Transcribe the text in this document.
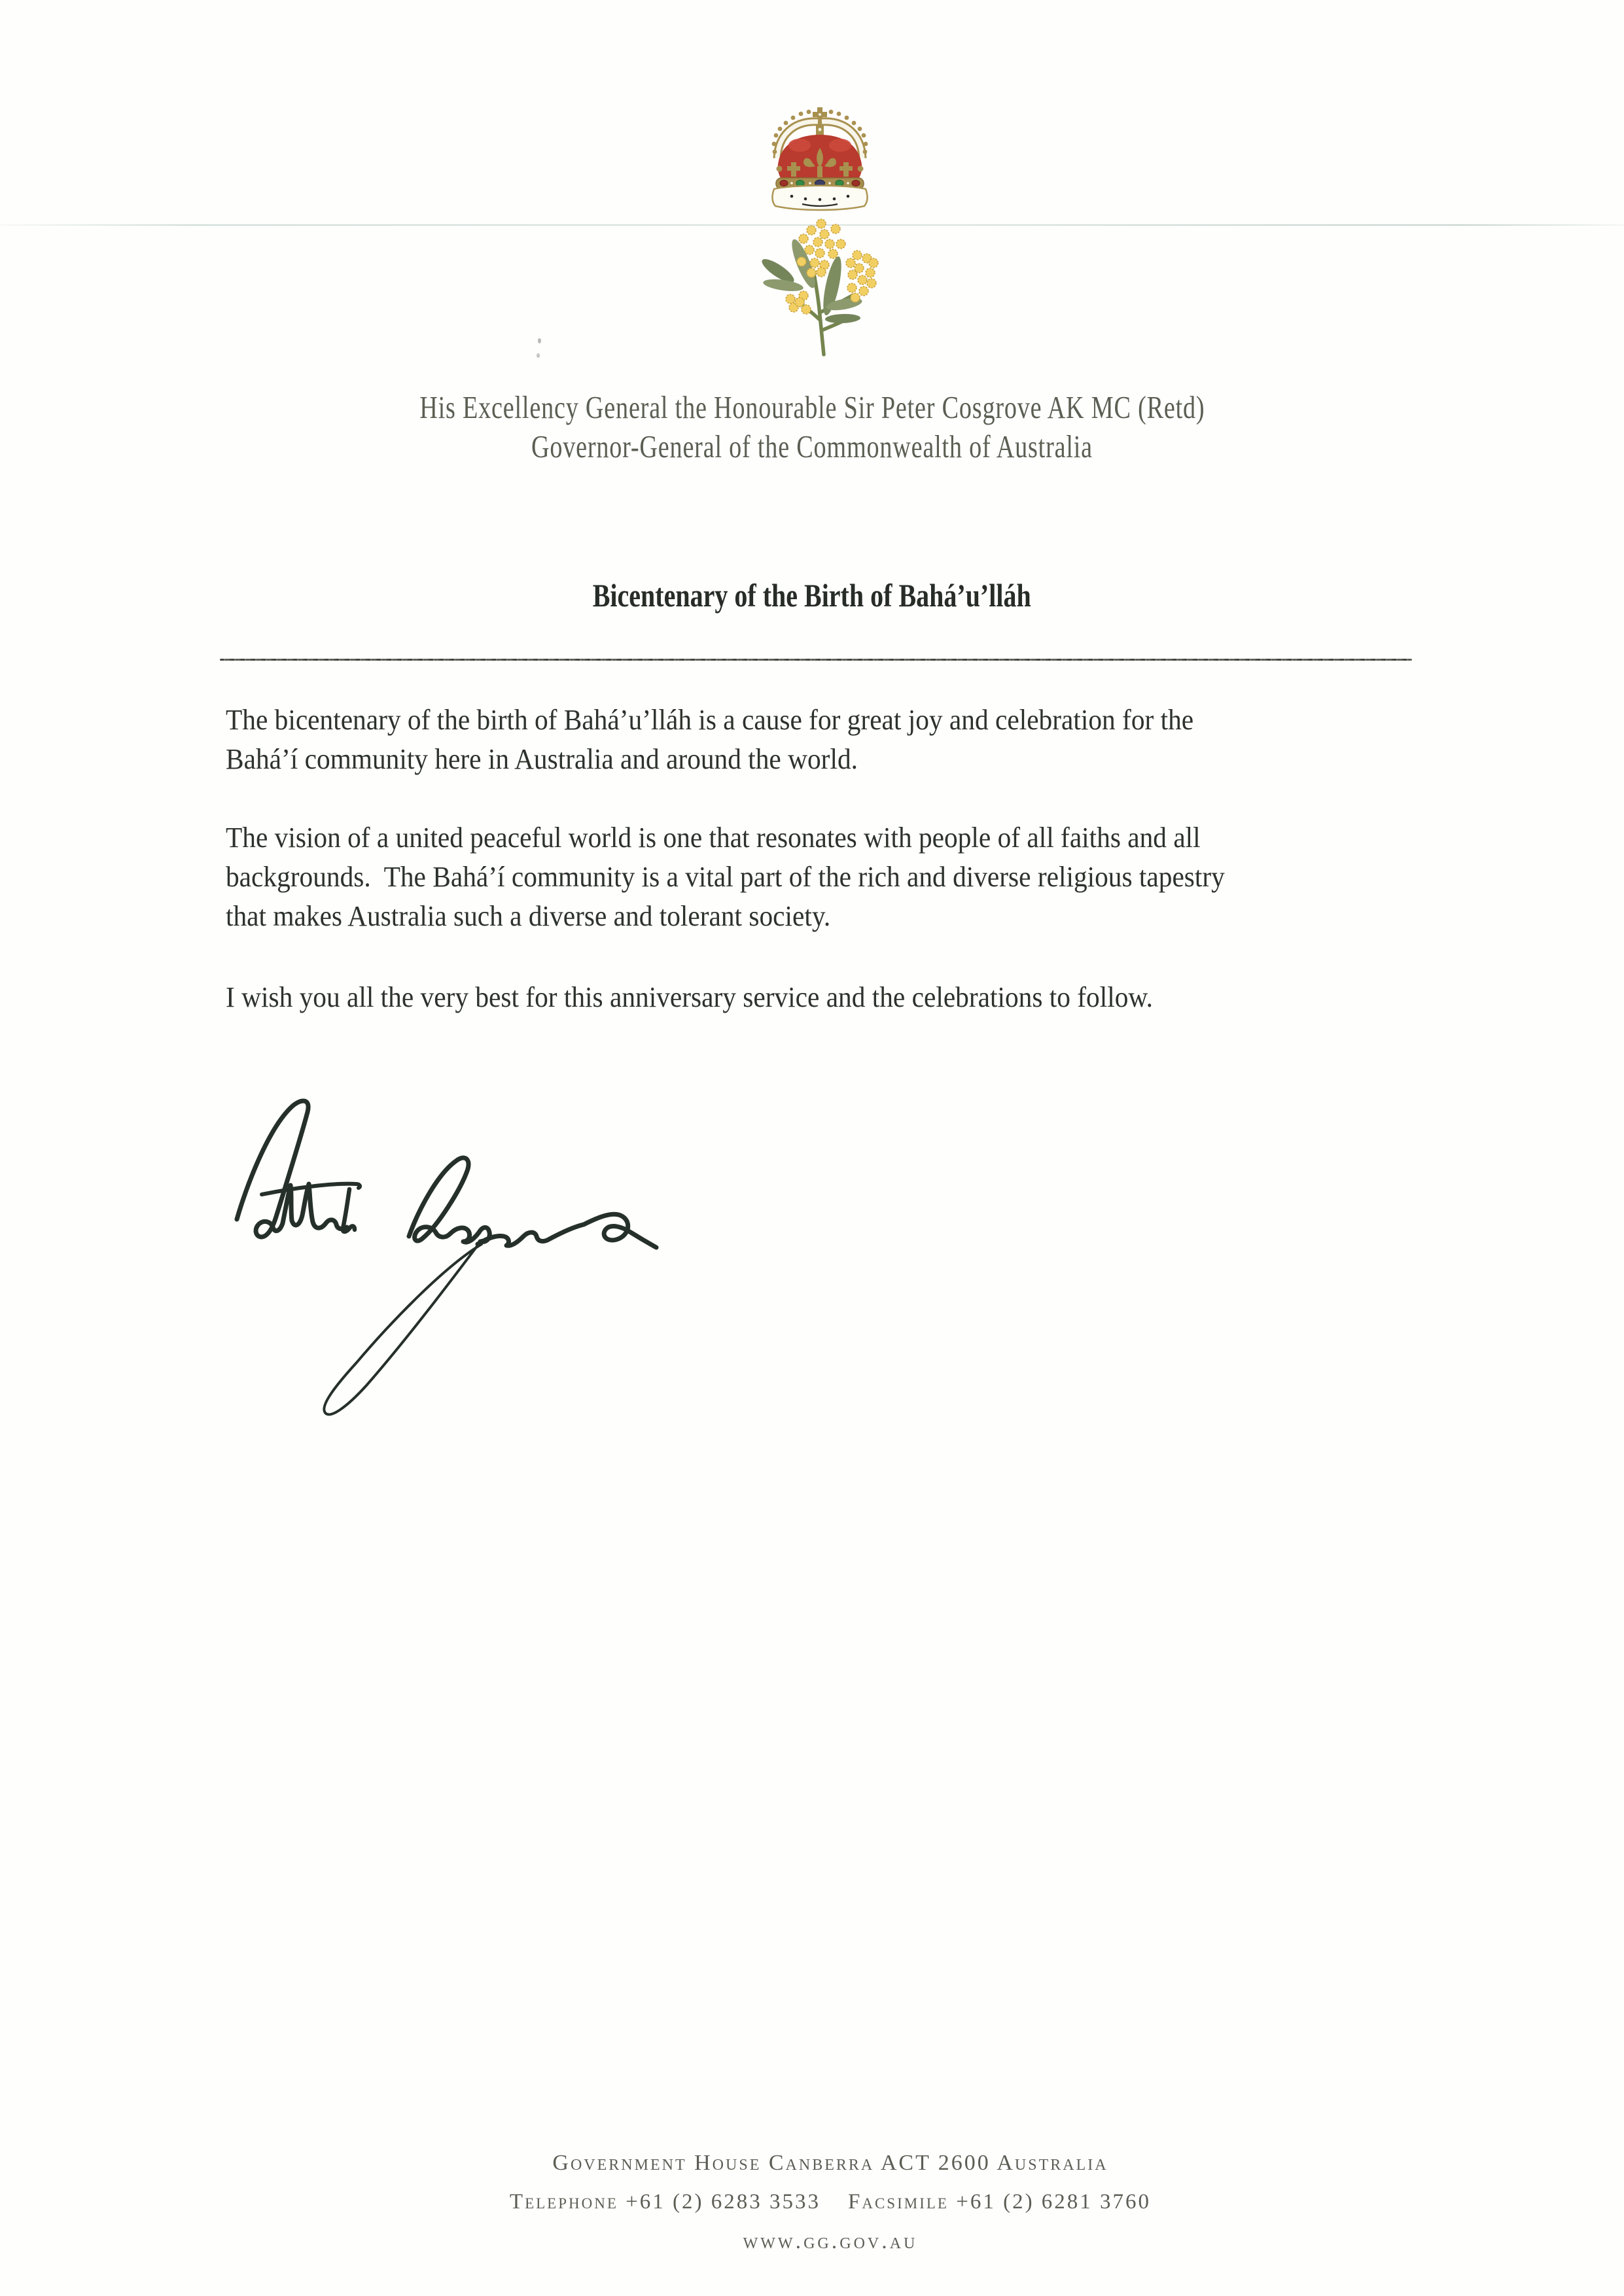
His Excellency General the Honourable Sir Peter Cosgrove AK MC (Retd)
Governor-General of the Commonwealth of Australia
Bicentenary of the Birth of Bahá’u’lláh

The bicentenary of the birth of Bahá’u’lláh is a cause for great joy and celebration for the
Bahá’í community here in Australia and around the world.

The vision of a united peaceful world is one that resonates with people of all faiths and all
backgrounds.  The Bahá’í community is a vital part of the rich and diverse religious tapestry
that makes Australia such a diverse and tolerant society.

I wish you all the very best for this anniversary service and the celebrations to follow.

Government House Canberra ACT 2600 Australia
Telephone +61 (2) 6283 3533 Facsimile +61 (2) 6281 3760
www.gg.gov.au
